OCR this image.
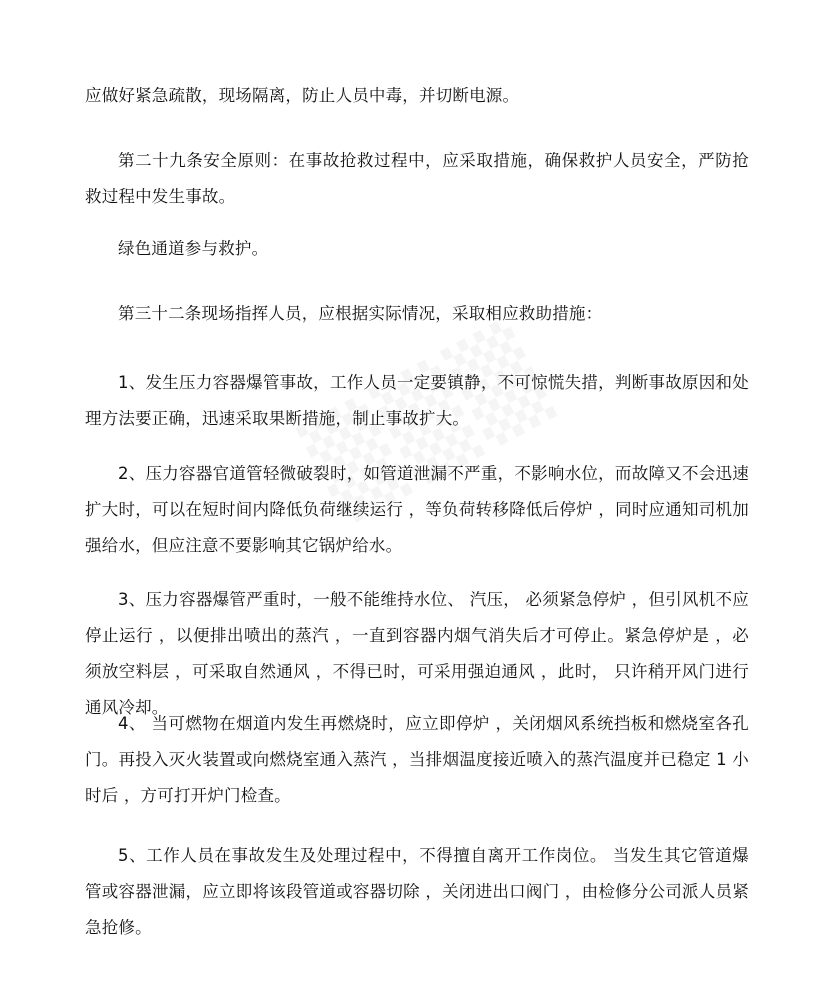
应做好紧急疏散，现场隔离，防止人员中毒，并切断电源。

第二十九条安全原则：在事故抢救过程中，应采取措施，确保救护人员安全，严防抢救过程中发生事故。

绿色通道参与救护。

第三十二条现场指挥人员，应根据实际情况，采取相应救助措施：

1、发生压力容器爆管事故，工作人员一定要镇静，不可惊慌失措，判断事故原因和处理方法要正确，迅速采取果断措施，制止事故扩大。

2、压力容器官道管轻微破裂时，如管道泄漏不严重，不影响水位，而故障又不会迅速扩大时，可以在短时间内降低负荷继续运行 ，等负荷转移降低后停炉 ，同时应通知司机加强给水，但应注意不要影响其它锅炉给水。

3、压力容器爆管严重时，一般不能维持水位、 汽压， 必须紧急停炉 ，但引风机不应停止运行 ，以便排出喷出的蒸汽 ，一直到容器内烟气消失后才可停止。紧急停炉是 ，必须放空料层 ，可采取自然通风 ，不得已时，可采用强迫通风 ，此时， 只许稍开风门进行通风冷却。

4、 当可燃物在烟道内发生再燃烧时，应立即停炉 ，关闭烟风系统挡板和燃烧室各孔门。再投入灭火装置或向燃烧室通入蒸汽 ，当排烟温度接近喷入的蒸汽温度并已稳定 1 小时后 ，方可打开炉门检查。

5、工作人员在事故发生及处理过程中，不得擅自离开工作岗位。 当发生其它管道爆管或容器泄漏，应立即将该段管道或容器切除 ，关闭进出口阀门 ，由检修分公司派人员紧急抢修。
